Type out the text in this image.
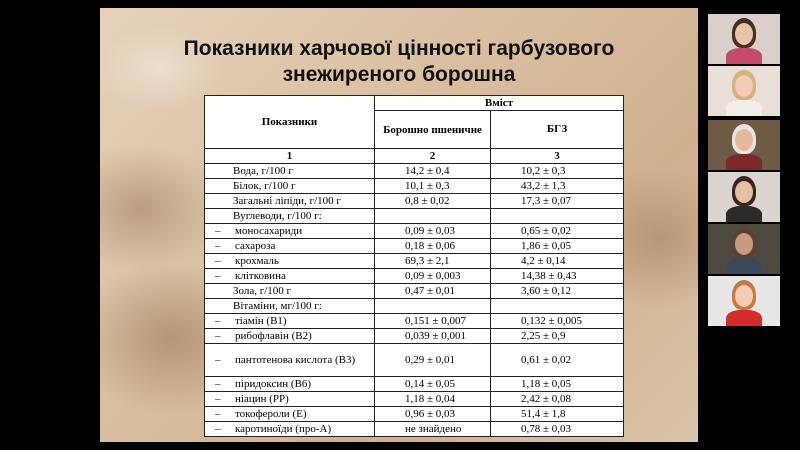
Показники харчової цінності гарбузового
знежиреного борошна
Показники	Вміст	
	Борошно пшеничне	БГЗ
1	2	3
Вода, г/100 г	14,2 ± 0,4	10,2 ± 0,3
Білок, г/100 г	10,1 ± 0,3	43,2 ± 1,3
Загальні ліпіди, г/100 г	0,8 ± 0,02	17,3 ± 0,07
Вуглеводи, г/100 г:		
– моносахариди	0,09 ± 0,03	0,65 ± 0,02
– сахароза	0,18 ± 0,06	1,86 ± 0,05
– крохмаль	69,3 ± 2,1	4,2 ± 0,14
– клітковина	0,09 ± 0,003	14,38 ± 0,43
Зола, г/100 г	0,47 ± 0,01	3,60 ± 0,12
Вітаміни, мг/100 г:		
– тіамін (В1)	0,151 ± 0,007	0,132 ± 0,005
– рибофлавін (В2)	0,039 ± 0,001	2,25 ± 0,9
– пантотенова кислота (В3)	0,29 ± 0,01	0,61 ± 0,02
– піридоксин (В6)	0,14 ± 0,05	1,18 ± 0,05
– ніацин (РР)	1,18 ± 0,04	2,42 ± 0,08
– токофероли (Е)	0,96 ± 0,03	51,4 ± 1,8
– каротиноїди (про-А)	не знайдено	0,78 ± 0,03
